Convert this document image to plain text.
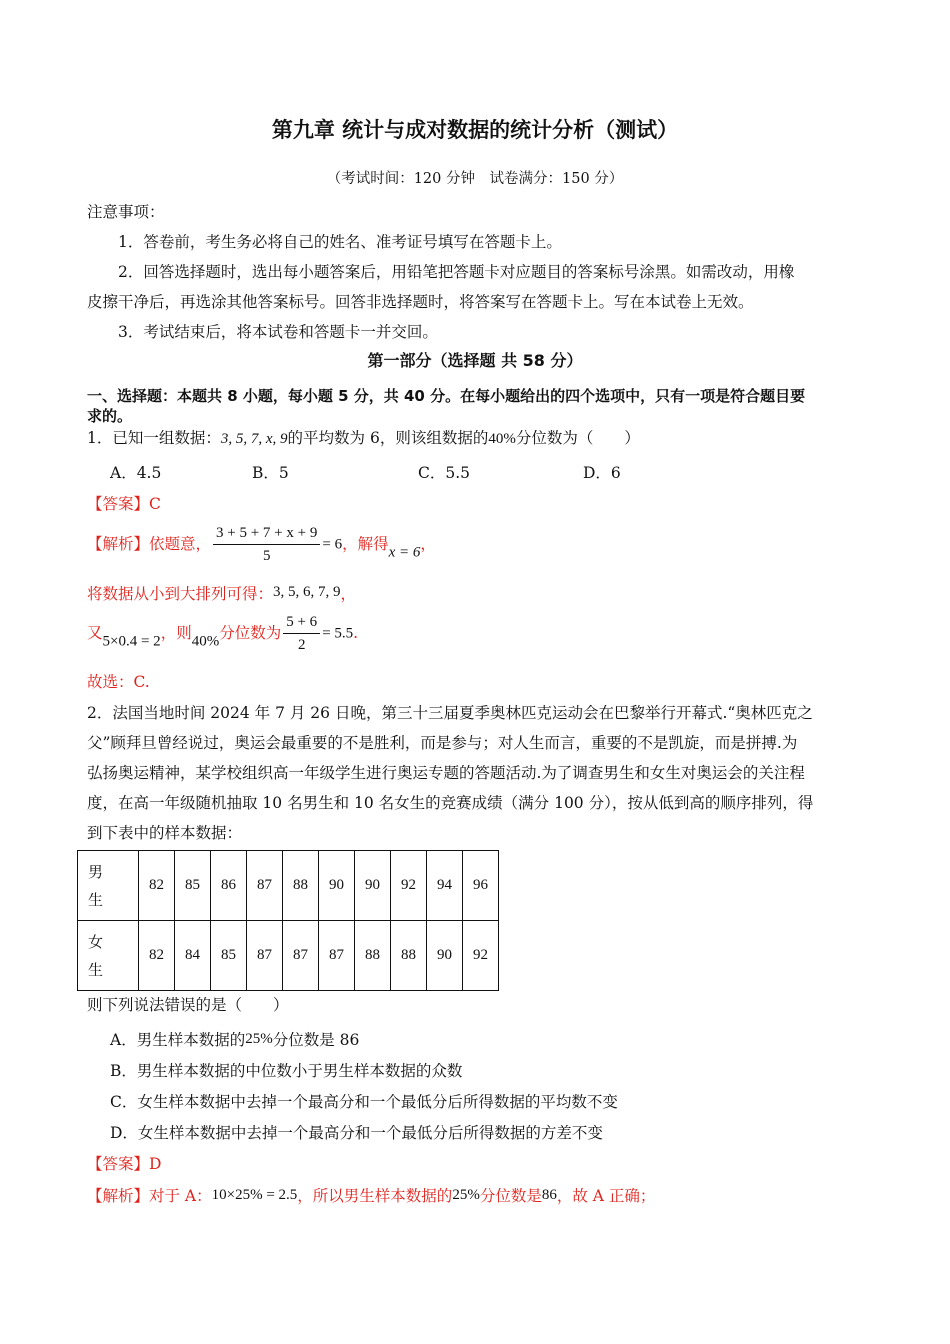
第九章 统计与成对数据的统计分析（测试）
（考试时间：120 分钟　试卷满分：150 分）
注意事项：
1．答卷前，考生务必将自己的姓名、准考证号填写在答题卡上。
2．回答选择题时，选出每小题答案后，用铅笔把答题卡对应题目的答案标号涂黑。如需改动，用橡
皮擦干净后，再选涂其他答案标号。回答非选择题时，将答案写在答题卡上。写在本试卷上无效。
3．考试结束后，将本试卷和答题卡一并交回。
第一部分（选择题 共 58 分）
一、选择题：本题共 8 小题，每小题 5 分，共 40 分。在每小题给出的四个选项中，只有一项是符合题目要
求的。
1．已知一组数据：3, 5, 7, x, 9的平均数为 6，则该组数据的40%分位数为（　　）
A．4.5	B．5	C．5.5	D．6
【答案】C
【解析】依题意， $\frac{3 + 5 + 7 + x + 9}{5} = 6$，解得x = 6，
将数据从小到大排列可得：3, 5, 6, 7, 9，
又5×0.4 = 2，则40%分位数为 $\frac{5 + 6}{2} = 5.5$.
故选：C.
2．法国当地时间 2024 年 7 月 26 日晚，第三十三届夏季奥林匹克运动会在巴黎举行开幕式.“奥林匹克之
父”顾拜旦曾经说过，奥运会最重要的不是胜利，而是参与；对人生而言，重要的不是凯旋，而是拼搏.为
弘扬奥运精神，某学校组织高一年级学生进行奥运专题的答题活动.为了调查男生和女生对奥运会的关注程
度，在高一年级随机抽取 10 名男生和 10 名女生的竞赛成绩（满分 100 分），按从低到高的顺序排列，得
到下表中的样本数据：
男
生	82	85	86	87	88	90	90	92	94	96
女
生	82	84	85	87	87	87	88	88	90	92
则下列说法错误的是（　　）
A．男生样本数据的25%分位数是 86
B．男生样本数据的中位数小于男生样本数据的众数
C．女生样本数据中去掉一个最高分和一个最低分后所得数据的平均数不变
D．女生样本数据中去掉一个最高分和一个最低分后所得数据的方差不变
【答案】D
【解析】对于 A：10×25% = 2.5，所以男生样本数据的25%分位数是86，故 A 正确；
